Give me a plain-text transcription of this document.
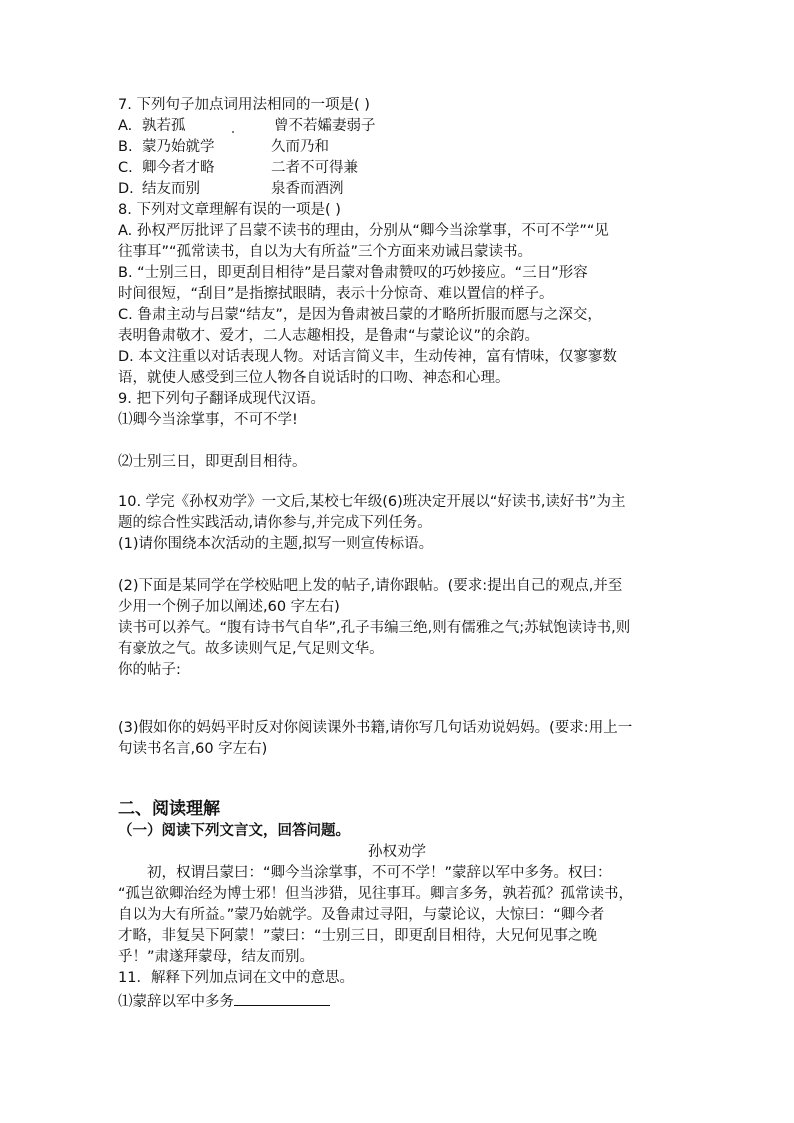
7. 下列句子加点词用法相同的一项是( )
A. 孰若孤	曾不若孀妻弱子
B. 蒙乃始就学	久而乃和
C. 卿今者才略	二者不可得兼
D. 结友而别	泉香而酒洌
8. 下列对文章理解有误的一项是( )
A. 孙权严厉批评了吕蒙不读书的理由，分别从“卿今当涂掌事，不可不学”“见
往事耳”“孤常读书，自以为大有所益”三个方面来劝诫吕蒙读书。
B. “士别三日，即更刮目相待”是吕蒙对鲁肃赞叹的巧妙接应。“三日”形容
时间很短，“刮目”是指擦拭眼睛，表示十分惊奇、难以置信的样子。
C. 鲁肃主动与吕蒙“结友”，是因为鲁肃被吕蒙的才略所折服而愿与之深交，
表明鲁肃敬才、爱才，二人志趣相投，是鲁肃“与蒙论议”的余韵。
D. 本文注重以对话表现人物。对话言简义丰，生动传神，富有情味，仅寥寥数
语，就使人感受到三位人物各自说话时的口吻、神态和心理。
9. 把下列句子翻译成现代汉语。
⑴卿今当涂掌事，不可不学!
⑵士别三日，即更刮目相待。
10. 学完《孙权劝学》一文后,某校七年级(6)班决定开展以“好读书,读好书”为主
题的综合性实践活动,请你参与,并完成下列任务。
(1)请你围绕本次活动的主题,拟写一则宣传标语。
(2)下面是某同学在学校贴吧上发的帖子,请你跟帖。(要求:提出自己的观点,并至
少用一个例子加以阐述,60 字左右)
读书可以养气。“腹有诗书气自华”,孔子韦编三绝,则有儒雅之气;苏轼饱读诗书,则
有豪放之气。故多读则气足,气足则文华。
你的帖子:
(3)假如你的妈妈平时反对你阅读课外书籍,请你写几句话劝说妈妈。(要求:用上一
句读书名言,60 字左右)
二、阅读理解
（一）阅读下列文言文，回答问题。
孙权劝学
　　初，权谓吕蒙曰：“卿今当涂掌事，不可不学！”蒙辞以军中多务。权曰：
“孤岂欲卿治经为博士邪！但当涉猎，见往事耳。卿言多务，孰若孤？孤常读书，
自以为大有所益。”蒙乃始就学。及鲁肃过寻阳，与蒙论议，大惊曰：“卿今者
才略，非复吴下阿蒙！”蒙曰：“士别三日，即更刮目相待，大兄何见事之晚
乎！”肃遂拜蒙母，结友而别。
11．解释下列加点词在文中的意思。
⑴蒙辞以军中多务
